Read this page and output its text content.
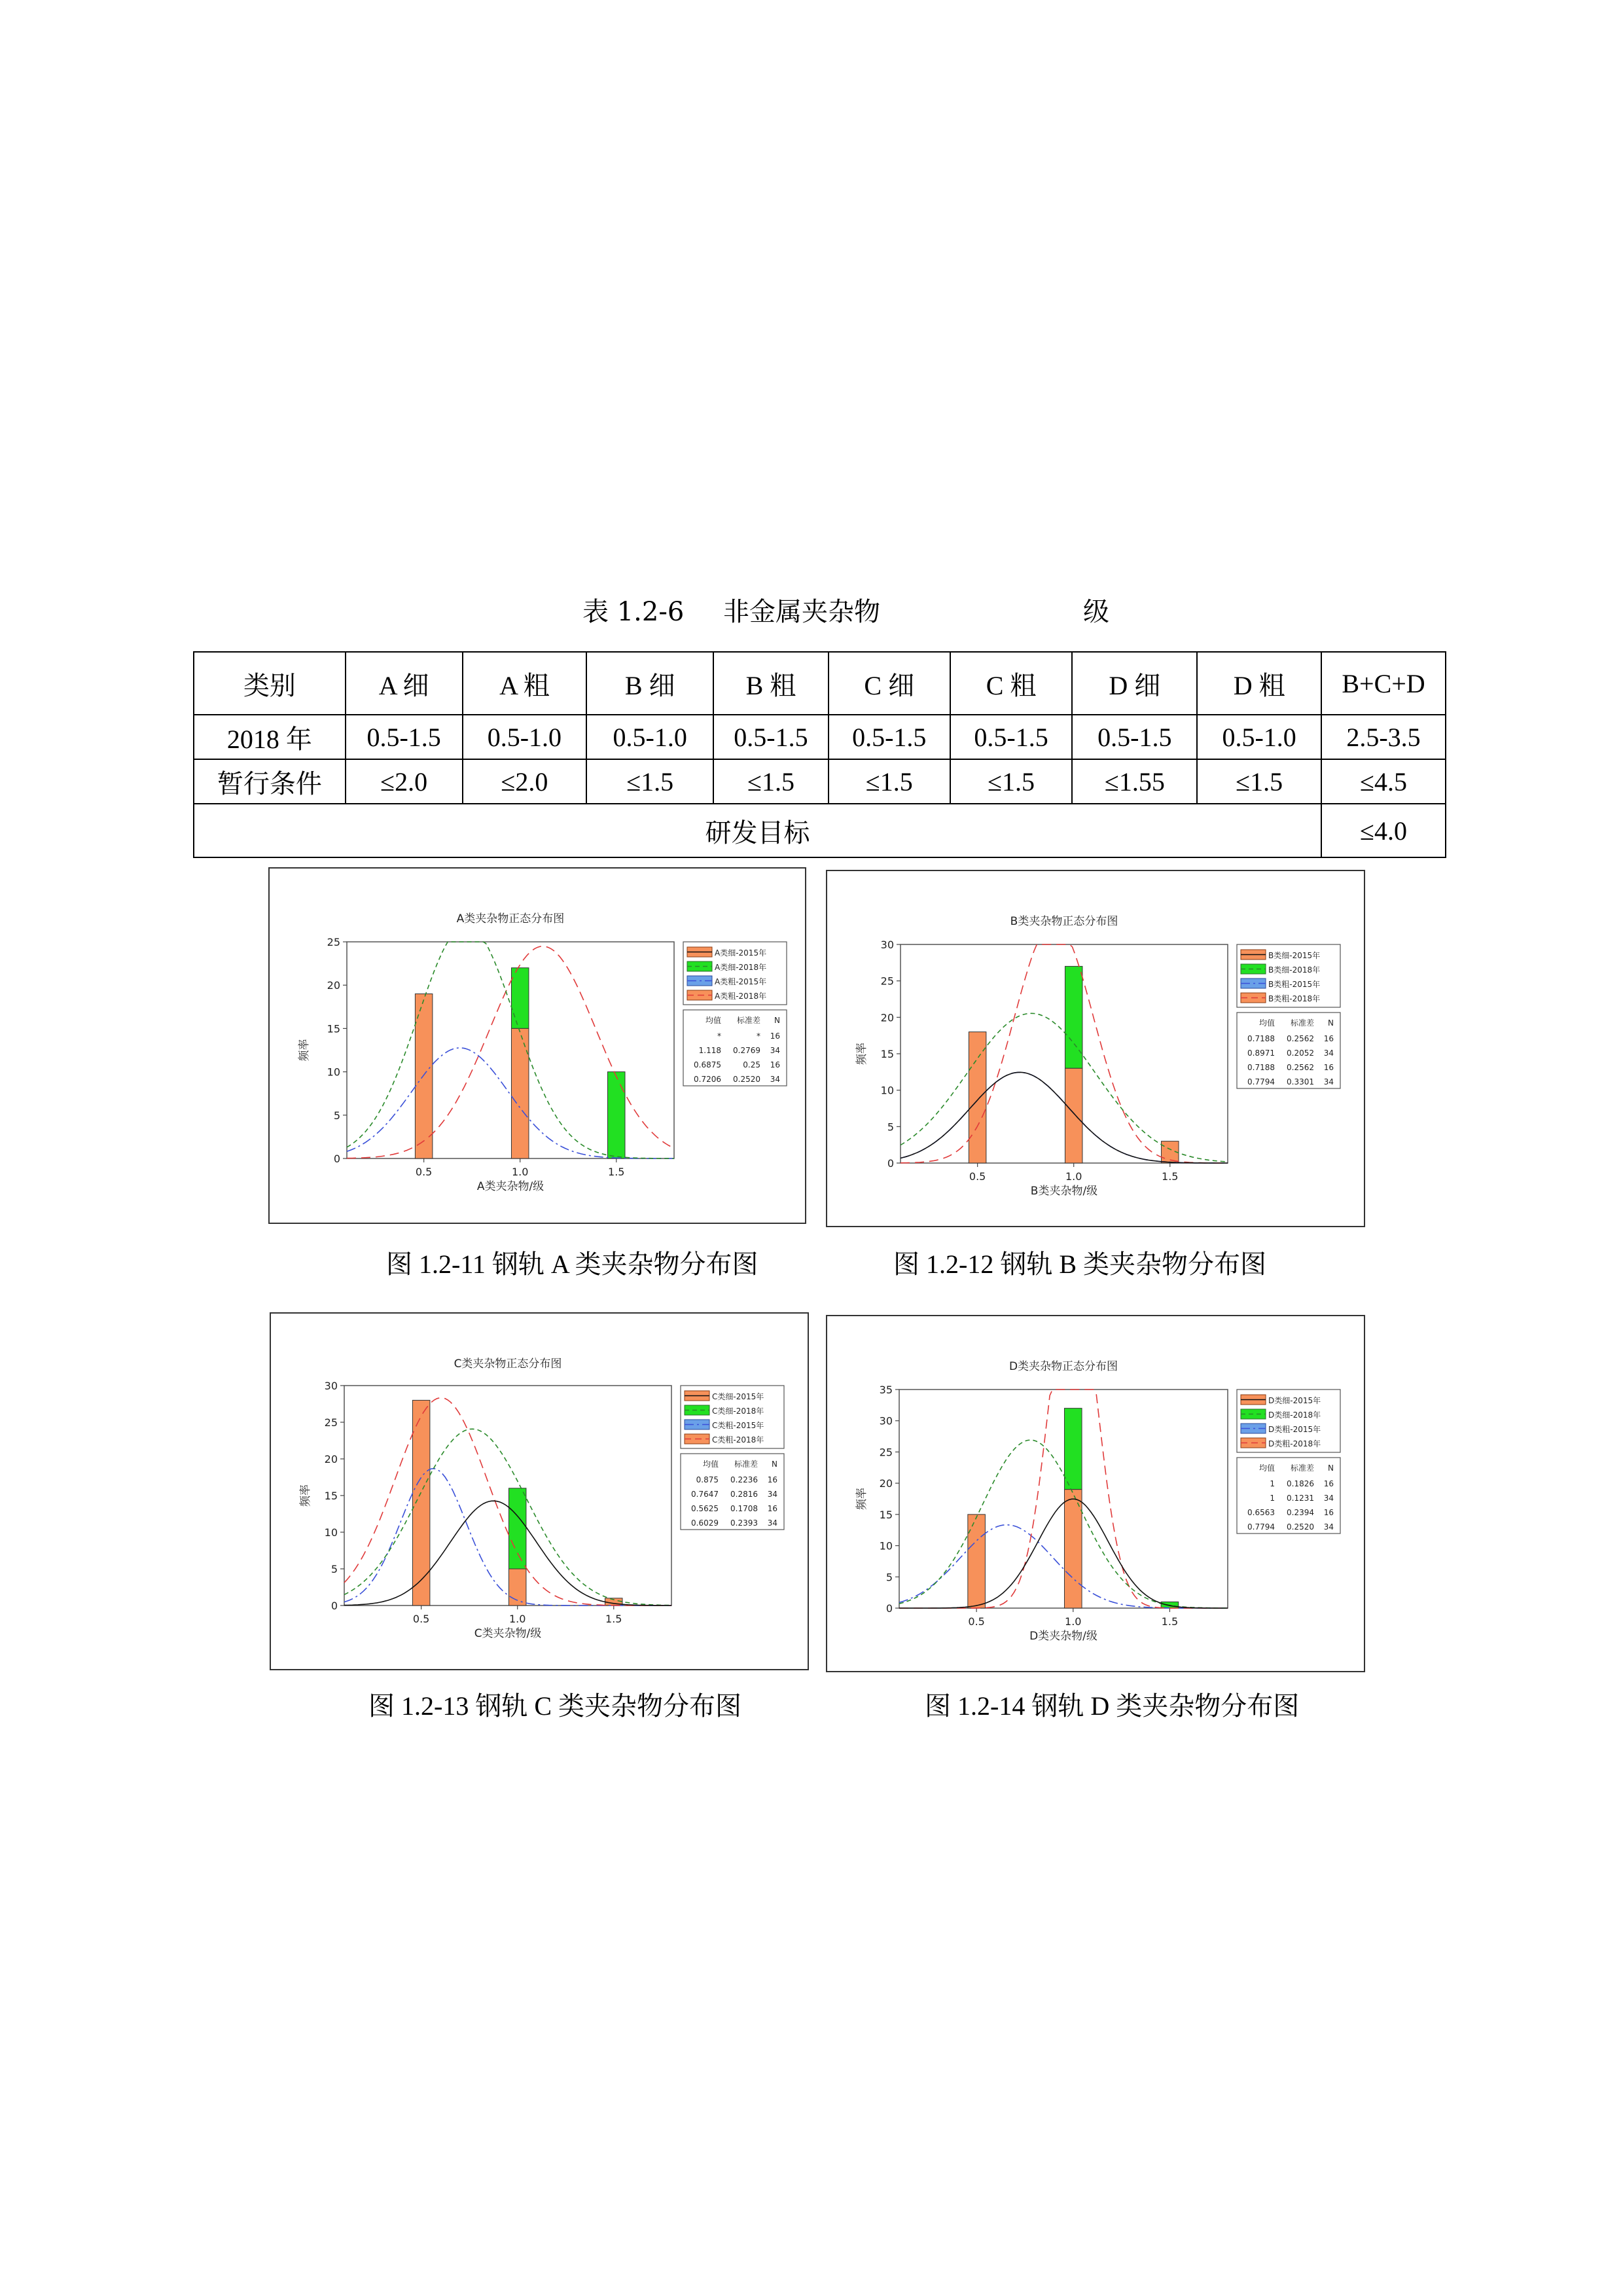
表 1.2-6 非金属夹杂物	级
类别	A 细	A 粗	B 细	B 粗	C 细	C 粗	D 细	D 粗	B+C+D
2018 年	0.5-1.5	0.5-1.0	0.5-1.0	0.5-1.5	0.5-1.5	0.5-1.5	0.5-1.5	0.5-1.0	2.5-3.5
暂行条件	≤2.0	≤2.0	≤1.5	≤1.5	≤1.5	≤1.5	≤1.55	≤1.5	≤4.5
研发目标									≤4.0
A类夹杂物正态分布图
0
5
10
15
20
25
0.5	1.0	1.5
A类夹杂物/级
频率
A类细-2015年
A类细-2018年
A类粗-2015年
A类粗-2018年
均值 标准差 N
*	* 16
1.118 0.2769 34
0.6875	0.25 16
0.7206 0.2520 34
B类夹杂物正态分布图
0
5
10
15
20
25
30
0.5	1.0	1.5
B类夹杂物/级
频率
B类细-2015年
B类细-2018年
B类粗-2015年
B类粗-2018年
均值 标准差 N
0.7188 0.2562 16
0.8971 0.2052 34
0.7188 0.2562 16
0.7794 0.3301 34
C类夹杂物正态分布图
0
5
10
15
20
25
30
0.5	1.0	1.5
C类夹杂物/级
频率
C类细-2015年
C类细-2018年
C类粗-2015年
C类粗-2018年
均值 标准差 N
0.875 0.2236 16
0.7647 0.2816 34
0.5625 0.1708 16
0.6029 0.2393 34
D类夹杂物正态分布图
0
5
10
15
20
25
30
35
0.5	1.0	1.5
D类夹杂物/级
频率
D类细-2015年
D类细-2018年
D类粗-2015年
D类粗-2018年
均值 标准差 N
1 0.1826 16
1 0.1231 34
0.6563 0.2394 16
0.7794 0.2520 34
图 1.2-11 钢轨 A 类夹杂物分布图	图 1.2-12 钢轨 B 类夹杂物分布图
图 1.2-13 钢轨 C 类夹杂物分布图	图 1.2-14 钢轨 D 类夹杂物分布图
